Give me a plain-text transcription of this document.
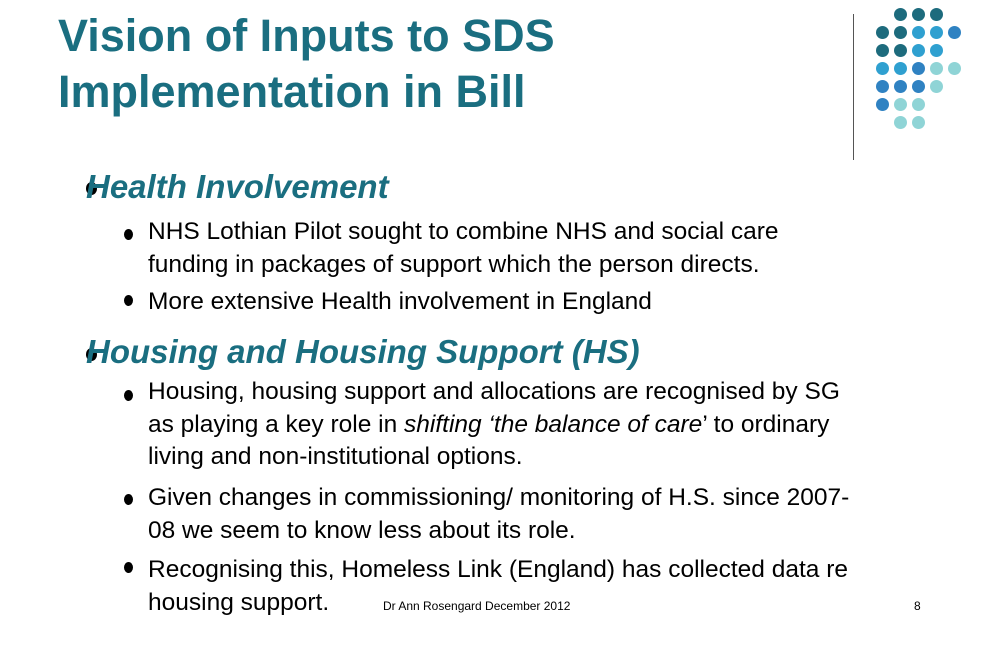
Vision of Inputs to SDS
Implementation in Bill
Health Involvement
NHS Lothian Pilot sought to combine NHS and social care
funding in packages of support which the person directs.
More extensive Health involvement in England
Housing and Housing Support (HS)
Housing, housing support and allocations are recognised by SG
as playing a key role in shifting ‘the balance of care’ to ordinary
living and non-institutional options.
Given changes in commissioning/ monitoring of H.S. since 2007-
08 we seem to know less about its role.
Recognising this, Homeless Link (England) has collected data re
housing support.	Dr Ann Rosengard December 2012	8
